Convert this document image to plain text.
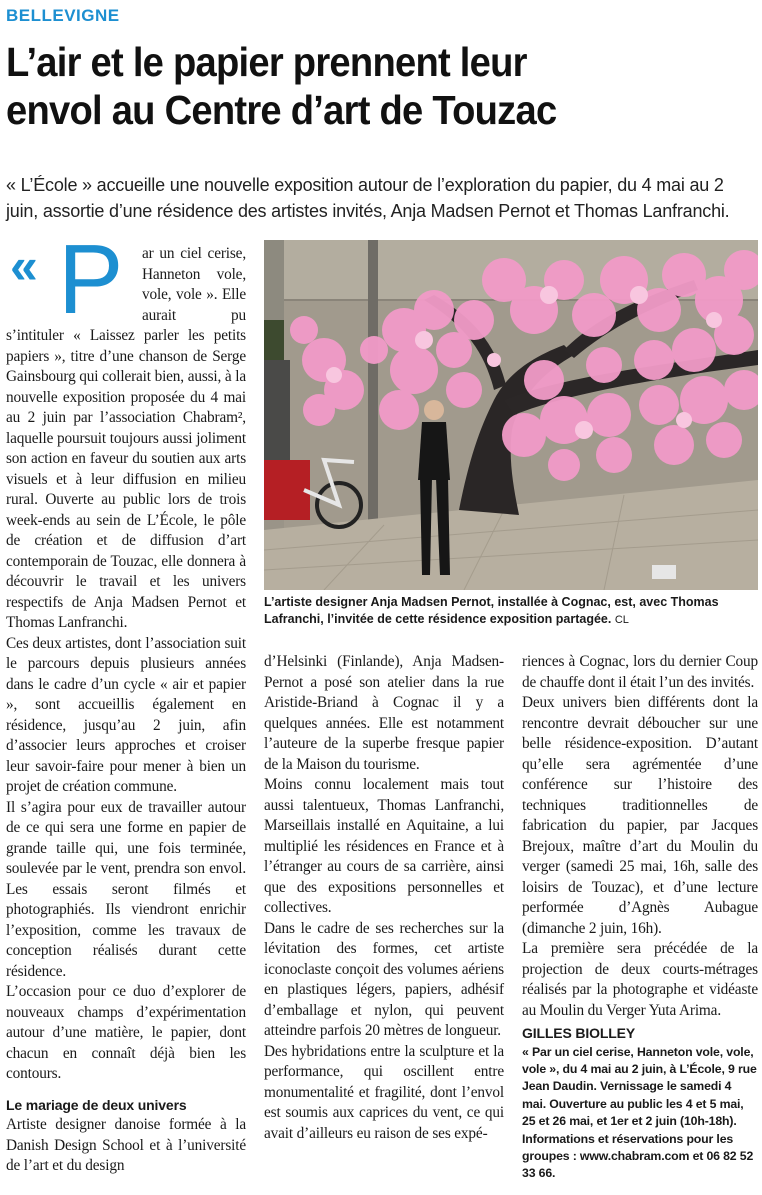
BELLEVIGNE
L’air et le papier prennent leur
envol au Centre d’art de Touzac
« L’École » accueille une nouvelle exposition autour de l’exploration du papier, du 4 mai au 2 juin, assortie d’une résidence des artistes invités, Anja Madsen Pernot et Thomas Lanfranchi.

« P ar un ciel cerise, Hanneton vole, vole, vole ». Elle aurait pu s’intituler « Laissez parler les petits papiers », titre d’une chanson de Serge Gainsbourg qui collerait bien, aussi, à la nouvelle exposition proposée du 4 mai au 2 juin par l’association Chabram², laquelle poursuit toujours aussi joliment son action en faveur du soutien aux arts visuels et à leur diffusion en milieu rural. Ouverte au public lors de trois week-ends au sein de L’École, le pôle de création et de diffusion d’art contemporain de Touzac, elle donnera à découvrir le travail et les univers respectifs de Anja Madsen Pernot et Thomas Lanfranchi.

Ces deux artistes, dont l’association suit le parcours depuis plusieurs années dans le cadre d’un cycle « air et papier », sont accueillis également en résidence, jusqu’au 2 juin, afin d’associer leurs approches et croiser leur savoir-faire pour mener à bien un projet de création commune.

Il s’agira pour eux de travailler autour de ce qui sera une forme en papier de grande taille qui, une fois terminée, soulevée par le vent, prendra son envol. Les essais seront filmés et photographiés. Ils viendront enrichir l’exposition, comme les travaux de conception réalisés durant cette résidence.

L’occasion pour ce duo d’explorer de nouveaux champs d’expérimentation autour d’une matière, le papier, dont chacun en connaît déjà bien les contours.

Le mariage de deux univers

Artiste designer danoise formée à la Danish Design School et à l’université de l’art et du design

L’artiste designer Anja Madsen Pernot, installée à Cognac, est, avec Thomas Lafranchi, l’invitée de cette résidence exposition partagée. CL

d’Helsinki (Finlande), Anja Madsen-Pernot a posé son atelier dans la rue Aristide-Briand à Cognac il y a quelques années. Elle est notamment l’auteure de la superbe fresque papier de la Maison du tourisme.

Moins connu localement mais tout aussi talentueux, Thomas Lanfranchi, Marseillais installé en Aquitaine, a lui multiplié les résidences en France et à l’étranger au cours de sa carrière, ainsi que des expositions personnelles et collectives.

Dans le cadre de ses recherches sur la lévitation des formes, cet artiste iconoclaste conçoit des volumes aériens en plastiques légers, papiers, adhésif d’emballage et nylon, qui peuvent atteindre parfois 20 mètres de longueur.

Des hybridations entre la sculpture et la performance, qui oscillent entre monumentalité et fragilité, dont l’envol est soumis aux caprices du vent, ce qui avait d’ailleurs eu raison de ses expé-

riences à Cognac, lors du dernier Coup de chauffe dont il était l’un des invités.

Deux univers bien différents dont la rencontre devrait déboucher sur une belle résidence-exposition. D’autant qu’elle sera agrémentée d’une conférence sur l’histoire des techniques traditionnelles de fabrication du papier, par Jacques Brejoux, maître d’art du Moulin du verger (samedi 25 mai, 16h, salle des loisirs de Touzac), et d’une lecture performée d’Agnès Aubague (dimanche 2 juin, 16h).

La première sera précédée de la projection de deux courts-métrages réalisés par la photographe et vidéaste au Moulin du Verger Yuta Arima.

GILLES BIOLLEY

« Par un ciel cerise, Hanneton vole, vole, vole », du 4 mai au 2 juin, à L’École, 9 rue Jean Daudin. Vernissage le samedi 4 mai. Ouverture au public les 4 et 5 mai, 25 et 26 mai, et 1er et 2 juin (10h-18h). Informations et réservations pour les groupes : www.chabram.com et 06 82 52 33 66.
